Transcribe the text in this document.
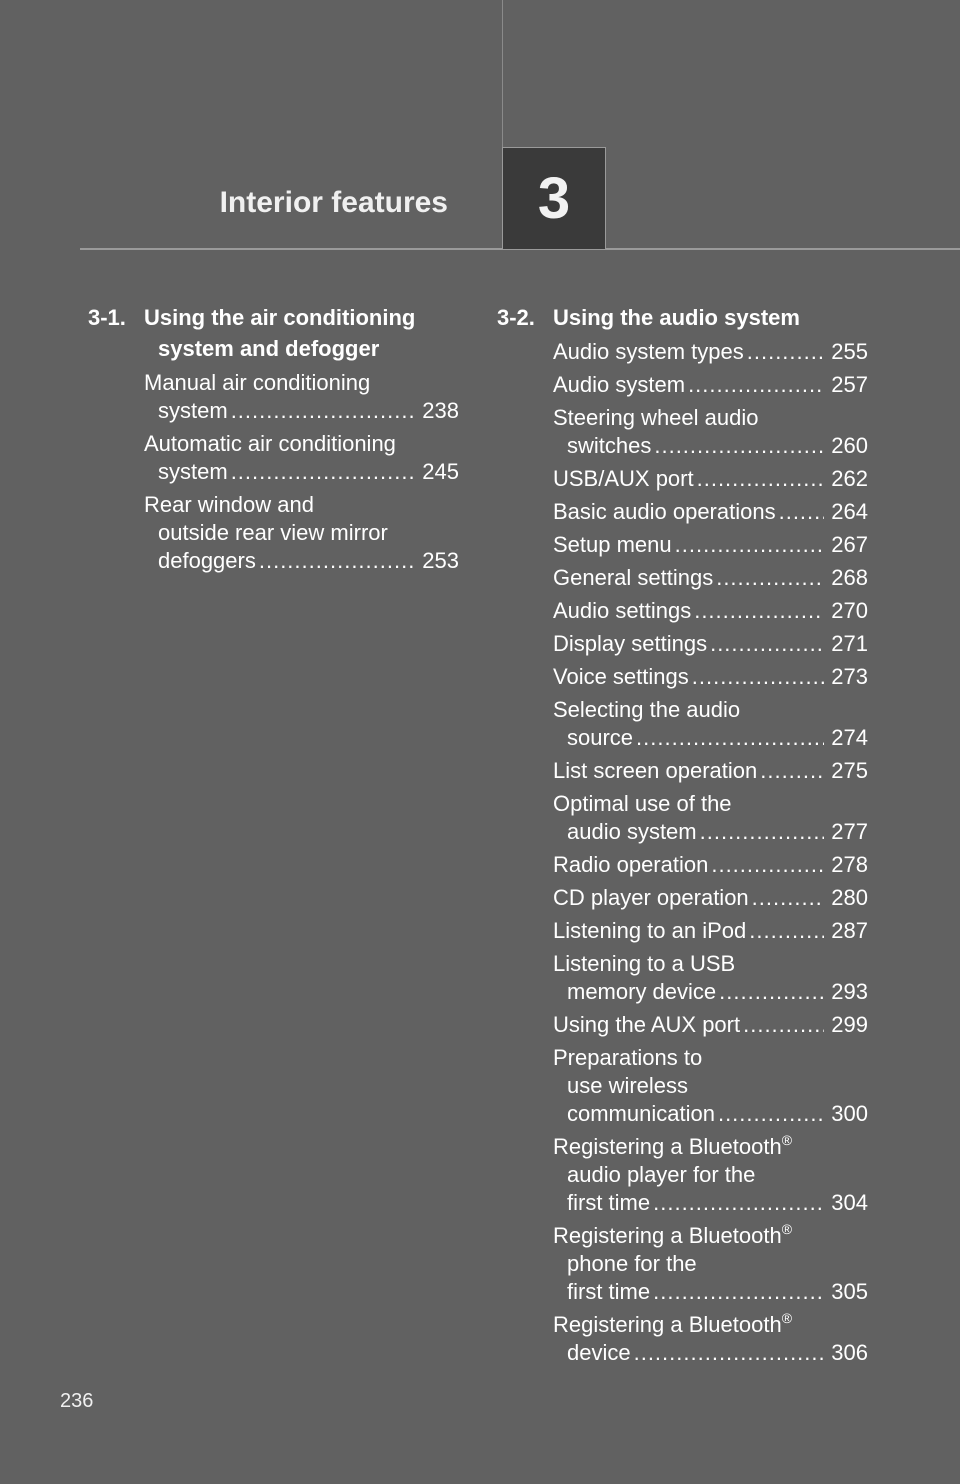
Interior features	3
3-1. Using the air conditioning
system and defogger
Manual air conditioning
system .....	238
Automatic air conditioning
system .....	245
Rear window and
outside rear view mirror
defoggers .....	253
3-2. Using the audio system
Audio system types .....	255
Audio system .....	257
Steering wheel audio
switches .....	260
USB/AUX port .....	262
Basic audio operations .....	264
Setup menu .....	267
General settings .....	268
Audio settings .....	270
Display settings .....	271
Voice settings .....	273
Selecting the audio
source .....	274
List screen operation .....	275
Optimal use of the
audio system .....	277
Radio operation .....	278
CD player operation .....	280
Listening to an iPod .....	287
Listening to a USB
memory device .....	293
Using the AUX port .....	299
Preparations to
use wireless
communication .....	300
Registering a Bluetooth®
audio player for the
first time .....	304
Registering a Bluetooth®
phone for the
first time .....	305
Registering a Bluetooth®
device .....	306
236
